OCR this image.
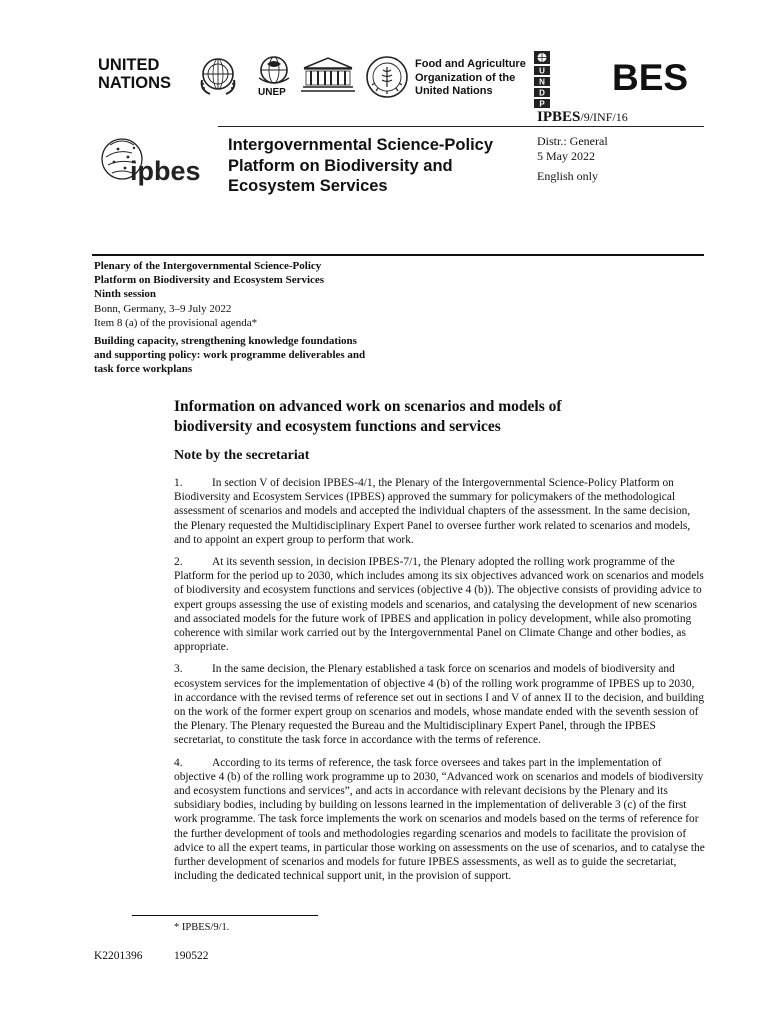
UNITED
NATIONS
UNEP
Food and Agriculture
Organization of the
United Nations
U
N
D
P
BES
IPBES/9/INF/16
ipbes
Intergovernmental Science-Policy
Platform on Biodiversity and
Ecosystem Services
Distr.: General
5 May 2022
English only
Plenary of the Intergovernmental Science-Policy
Platform on Biodiversity and Ecosystem Services
Ninth session
Bonn, Germany, 3–9 July 2022
Item 8 (a) of the provisional agenda*
Building capacity, strengthening knowledge foundations
and supporting policy: work programme deliverables and
task force workplans
Information on advanced work on scenarios and models of
biodiversity and ecosystem functions and services
Note by the secretariat

1.	In section V of decision IPBES-4/1, the Plenary of the Intergovernmental Science-Policy Platform on Biodiversity and Ecosystem Services (IPBES) approved the summary for policymakers of the methodological assessment of scenarios and models and accepted the individual chapters of the assessment. In the same decision, the Plenary requested the Multidisciplinary Expert Panel to oversee further work related to scenarios and models, and to appoint an expert group to perform that work.

2.	At its seventh session, in decision IPBES-7/1, the Plenary adopted the rolling work programme of the Platform for the period up to 2030, which includes among its six objectives advanced work on scenarios and models of biodiversity and ecosystem functions and services (objective 4 (b)). The objective consists of providing advice to expert groups assessing the use of existing models and scenarios, and catalysing the development of new scenarios and associated models for the future work of IPBES and application in policy development, while also promoting coherence with similar work carried out by the Intergovernmental Panel on Climate Change and other bodies, as appropriate.

3.	In the same decision, the Plenary established a task force on scenarios and models of biodiversity and ecosystem services for the implementation of objective 4 (b) of the rolling work programme of IPBES up to 2030, in accordance with the revised terms of reference set out in sections I and V of annex II to the decision, and building on the work of the former expert group on scenarios and models, whose mandate ended with the seventh session of the Plenary. The Plenary requested the Bureau and the Multidisciplinary Expert Panel, through the IPBES secretariat, to constitute the task force in accordance with the terms of reference.

4.	According to its terms of reference, the task force oversees and takes part in the implementation of objective 4 (b) of the rolling work programme up to 2030, “Advanced work on scenarios and models of biodiversity and ecosystem functions and services”, and acts in accordance with relevant decisions by the Plenary and its subsidiary bodies, including by building on lessons learned in the implementation of deliverable 3 (c) of the first work programme. The task force implements the work on scenarios and models based on the terms of reference for the further development of tools and methodologies regarding scenarios and models to facilitate the provision of advice to all the expert teams, in particular those working on assessments on the use of scenarios, and to catalyse the further development of scenarios and models for future IPBES assessments, as well as to guide the secretariat, including the dedicated technical support unit, in the provision of support.

* IPBES/9/1.
K2201396	190522
